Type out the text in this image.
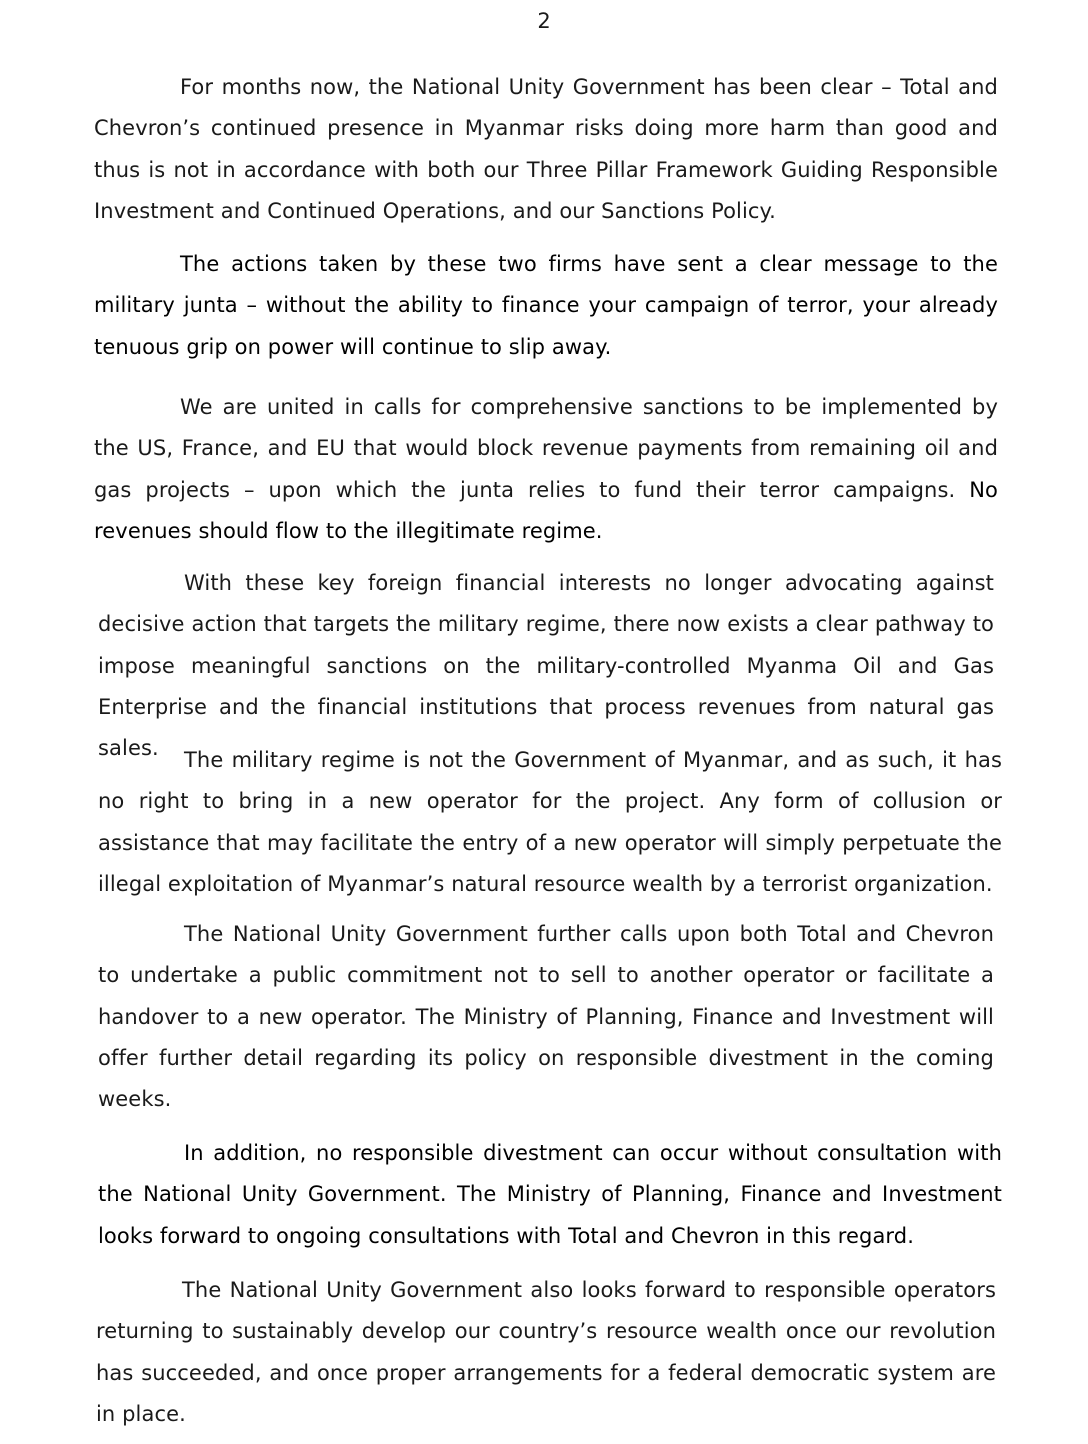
2

For months now, the National Unity Government has been clear – Total and Chevron’s continued presence in Myanmar risks doing more harm than good and thus is not in accordance with both our Three Pillar Framework Guiding Responsible Investment and Continued Operations, and our Sanctions Policy.

The actions taken by these two firms have sent a clear message to the military junta – without the ability to finance your campaign of terror, your already tenuous grip on power will continue to slip away.

We are united in calls for comprehensive sanctions to be implemented by the US, France, and EU that would block revenue payments from remaining oil and gas projects – upon which the junta relies to fund their terror campaigns. No revenues should flow to the illegitimate regime.

With these key foreign financial interests no longer advocating against decisive action that targets the military regime, there now exists a clear pathway to impose meaningful sanctions on the military-controlled Myanma Oil and Gas Enterprise and the financial institutions that process revenues from natural gas sales.	The military regime is not the Government of Myanmar, and as such, it has no right to bring in a new operator for the project. Any form of collusion or assistance that may facilitate the entry of a new operator will simply perpetuate the illegal exploitation of Myanmar’s natural resource wealth by a terrorist organization.

The National Unity Government further calls upon both Total and Chevron to undertake a public commitment not to sell to another operator or facilitate a handover to a new operator. The Ministry of Planning, Finance and Investment will offer further detail regarding its policy on responsible divestment in the coming weeks.

In addition, no responsible divestment can occur without consultation with the National Unity Government. The Ministry of Planning, Finance and Investment looks forward to ongoing consultations with Total and Chevron in this regard.

The National Unity Government also looks forward to responsible operators returning to sustainably develop our country’s resource wealth once our revolution has succeeded, and once proper arrangements for a federal democratic system are in place.
